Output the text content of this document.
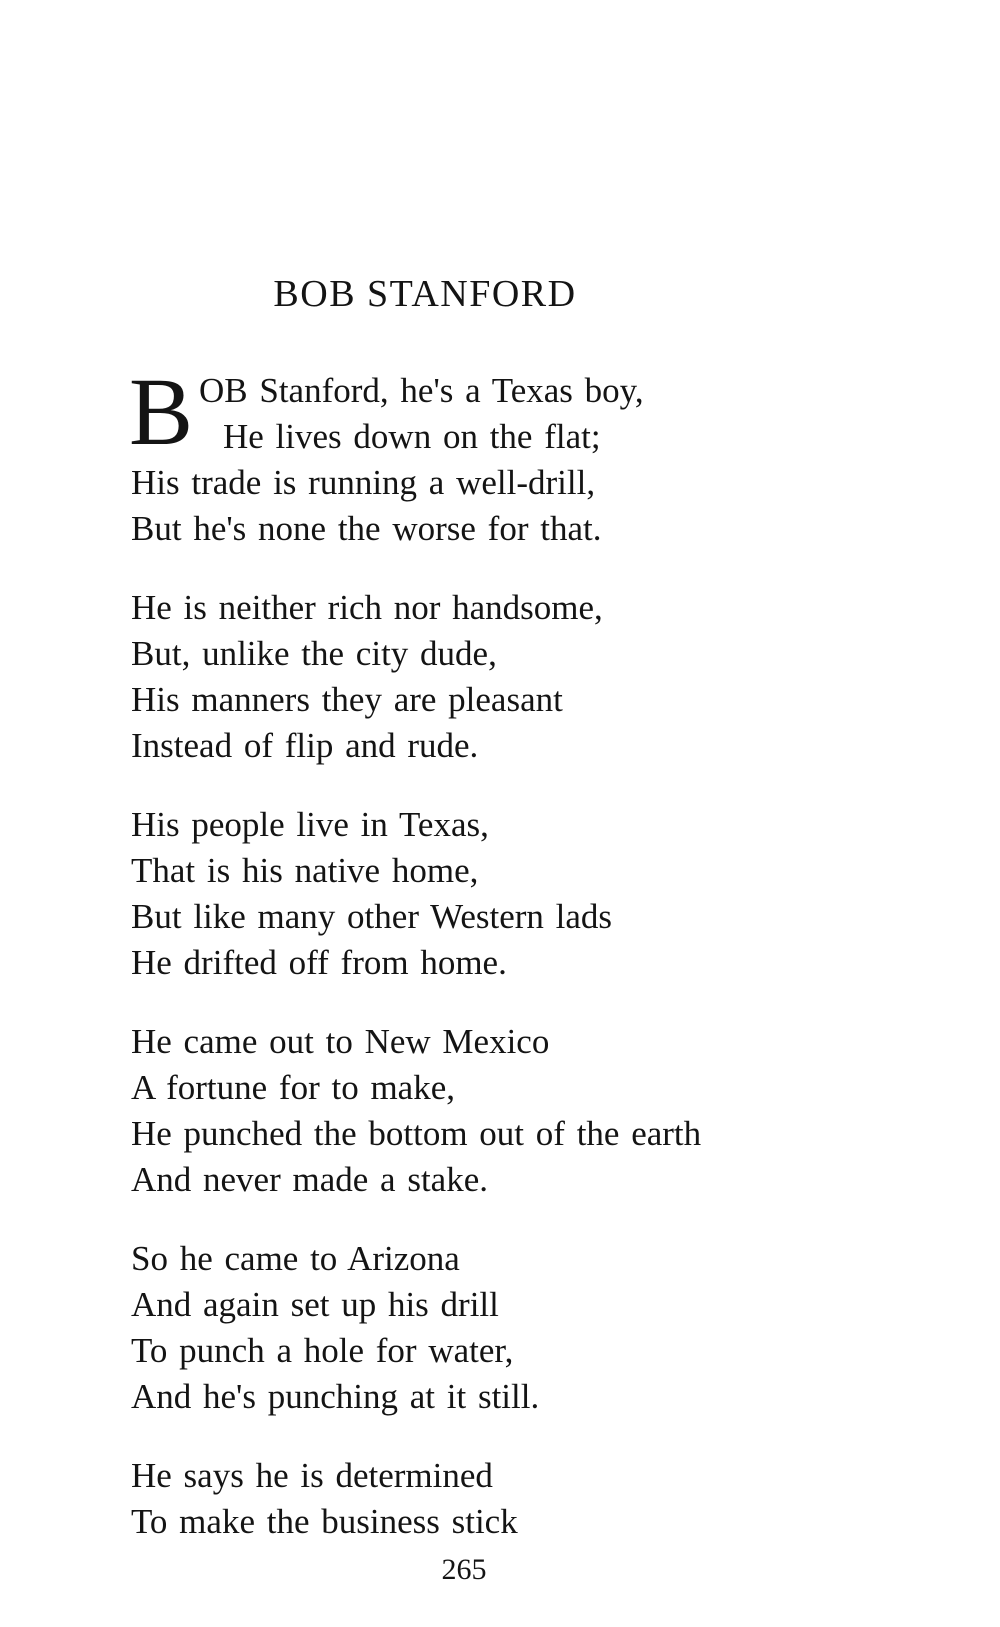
BOB STANFORD
B OB Stanford, he's a Texas boy,
He lives down on the flat;
His trade is running a well-drill,
But he's none the worse for that.
He is neither rich nor handsome,
But, unlike the city dude,
His manners they are pleasant
Instead of flip and rude.
His people live in Texas,
That is his native home,
But like many other Western lads
He drifted off from home.
He came out to New Mexico
A fortune for to make,
He punched the bottom out of the earth
And never made a stake.
So he came to Arizona
And again set up his drill
To punch a hole for water,
And he's punching at it still.
He says he is determined
To make the business stick
265
